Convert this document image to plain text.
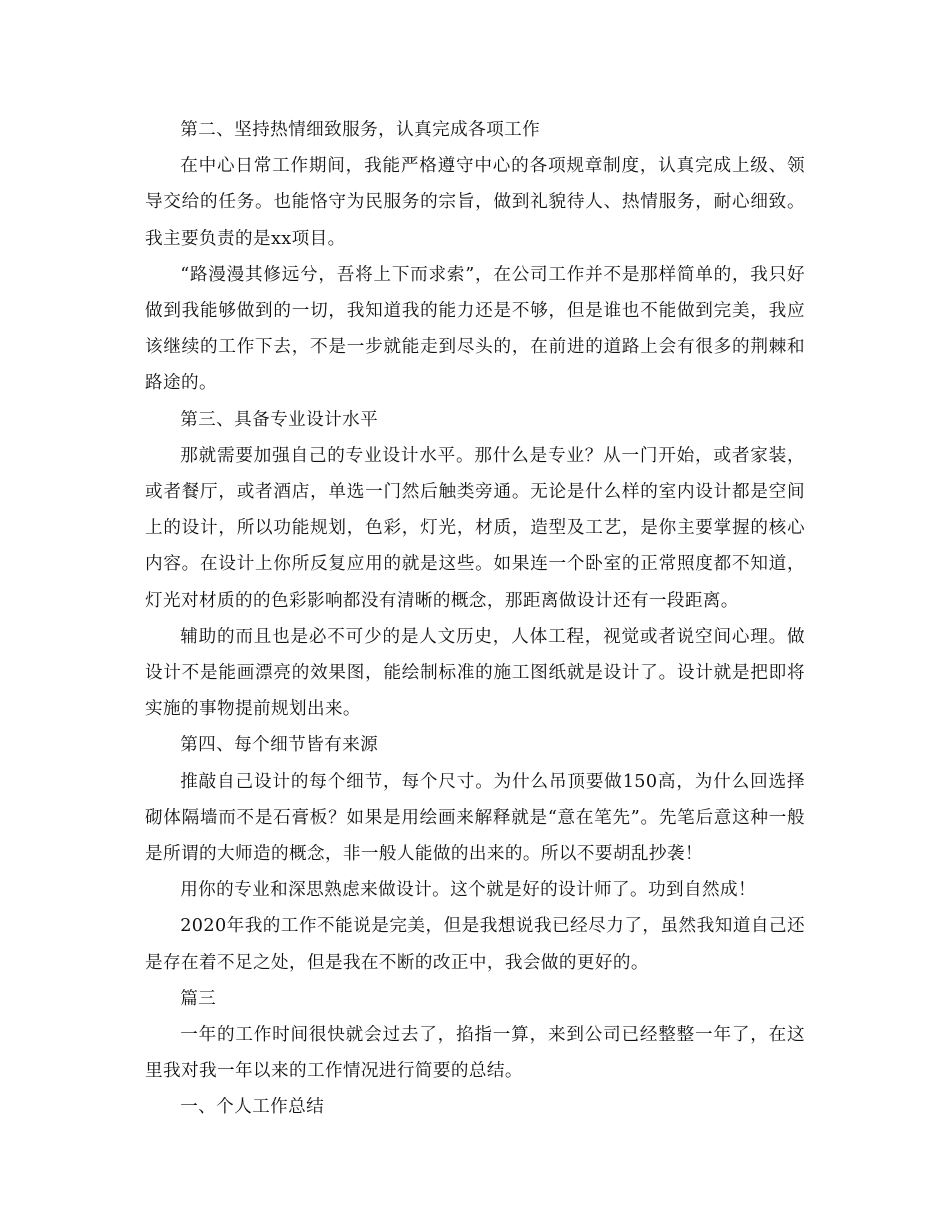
第二、坚持热情细致服务，认真完成各项工作

在中心日常工作期间，我能严格遵守中心的各项规章制度，认真完成上级、领导交给的任务。也能恪守为民服务的宗旨，做到礼貌待人、热情服务，耐心细致。我主要负责的是xx项目。

“路漫漫其修远兮，吾将上下而求索”，在公司工作并不是那样简单的，我只好做到我能够做到的一切，我知道我的能力还是不够，但是谁也不能做到完美，我应该继续的工作下去，不是一步就能走到尽头的，在前进的道路上会有很多的荆棘和路途的。

第三、具备专业设计水平

那就需要加强自己的专业设计水平。那什么是专业？从一门开始，或者家装，或者餐厅，或者酒店，单选一门然后触类旁通。无论是什么样的室内设计都是空间上的设计，所以功能规划，色彩，灯光，材质，造型及工艺，是你主要掌握的核心内容。在设计上你所反复应用的就是这些。如果连一个卧室的正常照度都不知道，灯光对材质的的色彩影响都没有清晰的概念，那距离做设计还有一段距离。

辅助的而且也是必不可少的是人文历史，人体工程，视觉或者说空间心理。做设计不是能画漂亮的效果图，能绘制标准的施工图纸就是设计了。设计就是把即将实施的事物提前规划出来。

第四、每个细节皆有来源

推敲自己设计的每个细节，每个尺寸。为什么吊顶要做150高，为什么回选择砌体隔墙而不是石膏板？如果是用绘画来解释就是“意在笔先”。先笔后意这种一般是所谓的大师造的概念，非一般人能做的出来的。所以不要胡乱抄袭！

用你的专业和深思熟虑来做设计。这个就是好的设计师了。功到自然成！

2020年我的工作不能说是完美，但是我想说我已经尽力了，虽然我知道自己还是存在着不足之处，但是我在不断的改正中，我会做的更好的。

篇三

一年的工作时间很快就会过去了，掐指一算，来到公司已经整整一年了，在这里我对我一年以来的工作情况进行简要的总结。

一、个人工作总结
